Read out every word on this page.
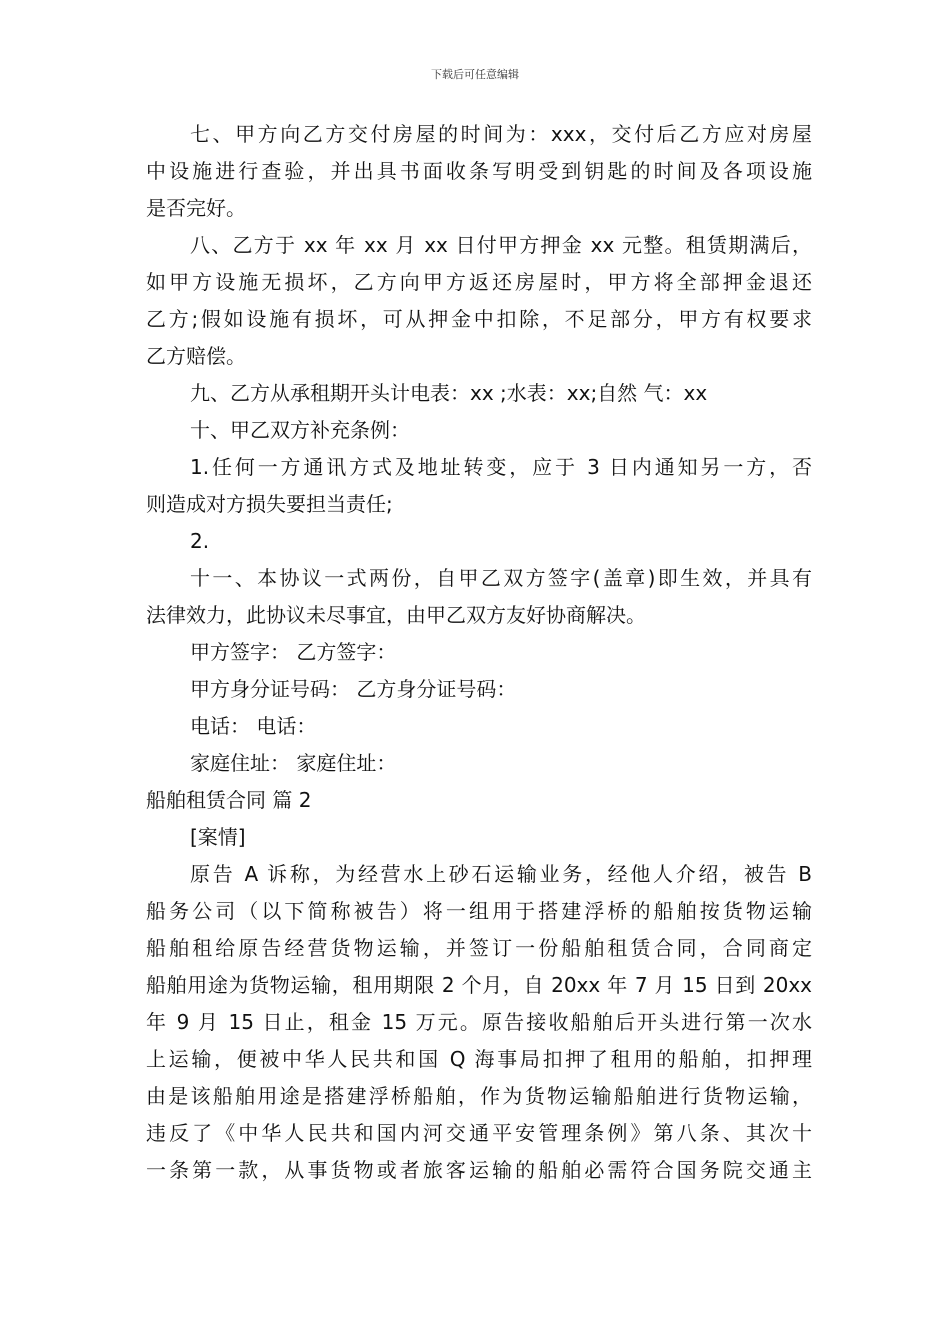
下载后可任意编辑
七、甲方向乙方交付房屋的时间为：xxx，交付后乙方应对房屋
中设施进行查验，并出具书面收条写明受到钥匙的时间及各项设施
是否完好。
八、乙方于 xx 年 xx 月 xx 日付甲方押金 xx 元整。租赁期满后，
如甲方设施无损坏，乙方向甲方返还房屋时，甲方将全部押金退还
乙方;假如设施有损坏，可从押金中扣除，不足部分，甲方有权要求
乙方赔偿。
九、乙方从承租期开头计电表：xx ;水表：xx;自然 气：xx
十、甲乙双方补充条例：
1.任何一方通讯方式及地址转变，应于 3 日内通知另一方，否
则造成对方损失要担当责任;
2.
十一、本协议一式两份，自甲乙双方签字(盖章)即生效，并具有
法律效力，此协议未尽事宜，由甲乙双方友好协商解决。
甲方签字： 乙方签字：
甲方身分证号码： 乙方身分证号码：
电话： 电话：
家庭住址： 家庭住址：
船舶租赁合同 篇 2
[案情]
原告 A 诉称，为经营水上砂石运输业务，经他人介绍，被告 B
船务公司（以下简称被告）将一组用于搭建浮桥的船舶按货物运输
船舶租给原告经营货物运输，并签订一份船舶租赁合同，合同商定
船舶用途为货物运输，租用期限 2 个月，自 20xx 年 7 月 15 日到 20xx
年 9 月 15 日止，租金 15 万元。原告接收船舶后开头进行第一次水
上运输，便被中华人民共和国 Q 海事局扣押了租用的船舶，扣押理
由是该船舶用途是搭建浮桥船舶，作为货物运输船舶进行货物运输，
违反了《中华人民共和国内河交通平安管理条例》第八条、其次十
一条第一款，从事货物或者旅客运输的船舶必需符合国务院交通主
